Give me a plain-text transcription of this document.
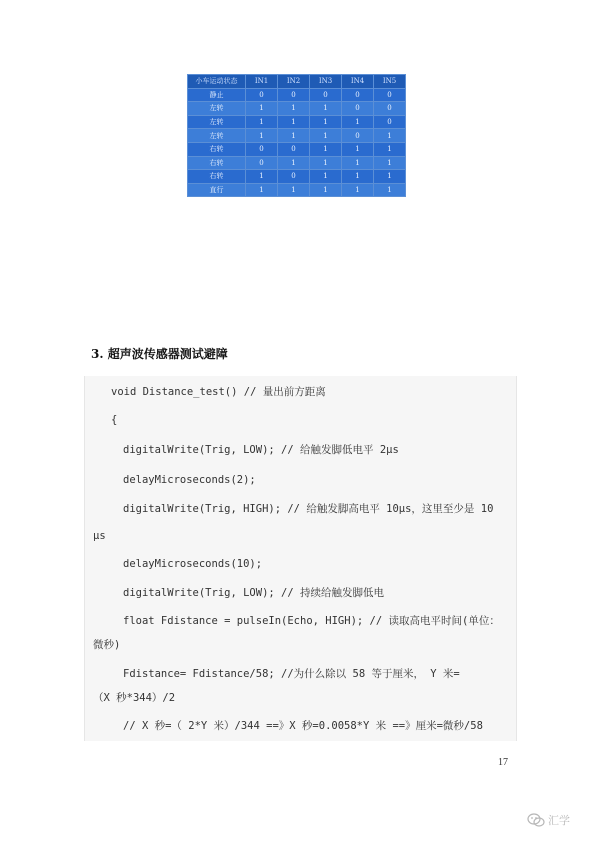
小车运动状态	IN1	IN2	IN3	IN4	IN5
静止	0	0	0	0	0
左转	1	1	1	0	0
左转	1	1	1	1	0
左转	1	1	1	0	1
右转	0	0	1	1	1
右转	0	1	1	1	1
右转	1	0	1	1	1
直行	1	1	1	1	1
3. 超声波传感器测试避障
void Distance_test() // 量出前方距离
{
digitalWrite(Trig, LOW); // 给触发脚低电平 2μs
delayMicroseconds(2);
digitalWrite(Trig, HIGH); // 给触发脚高电平 10μs，这里至少是 10
μs
delayMicroseconds(10);
digitalWrite(Trig, LOW); // 持续给触发脚低电
float Fdistance = pulseIn(Echo, HIGH); // 读取高电平时间(单位：
微秒)
Fdistance= Fdistance/58; //为什么除以 58 等于厘米， Y 米=
（X 秒*344）/2
// X 秒=（ 2*Y 米）/344 ==》X 秒=0.0058*Y 米 ==》厘米=微秒/58
17
汇学
